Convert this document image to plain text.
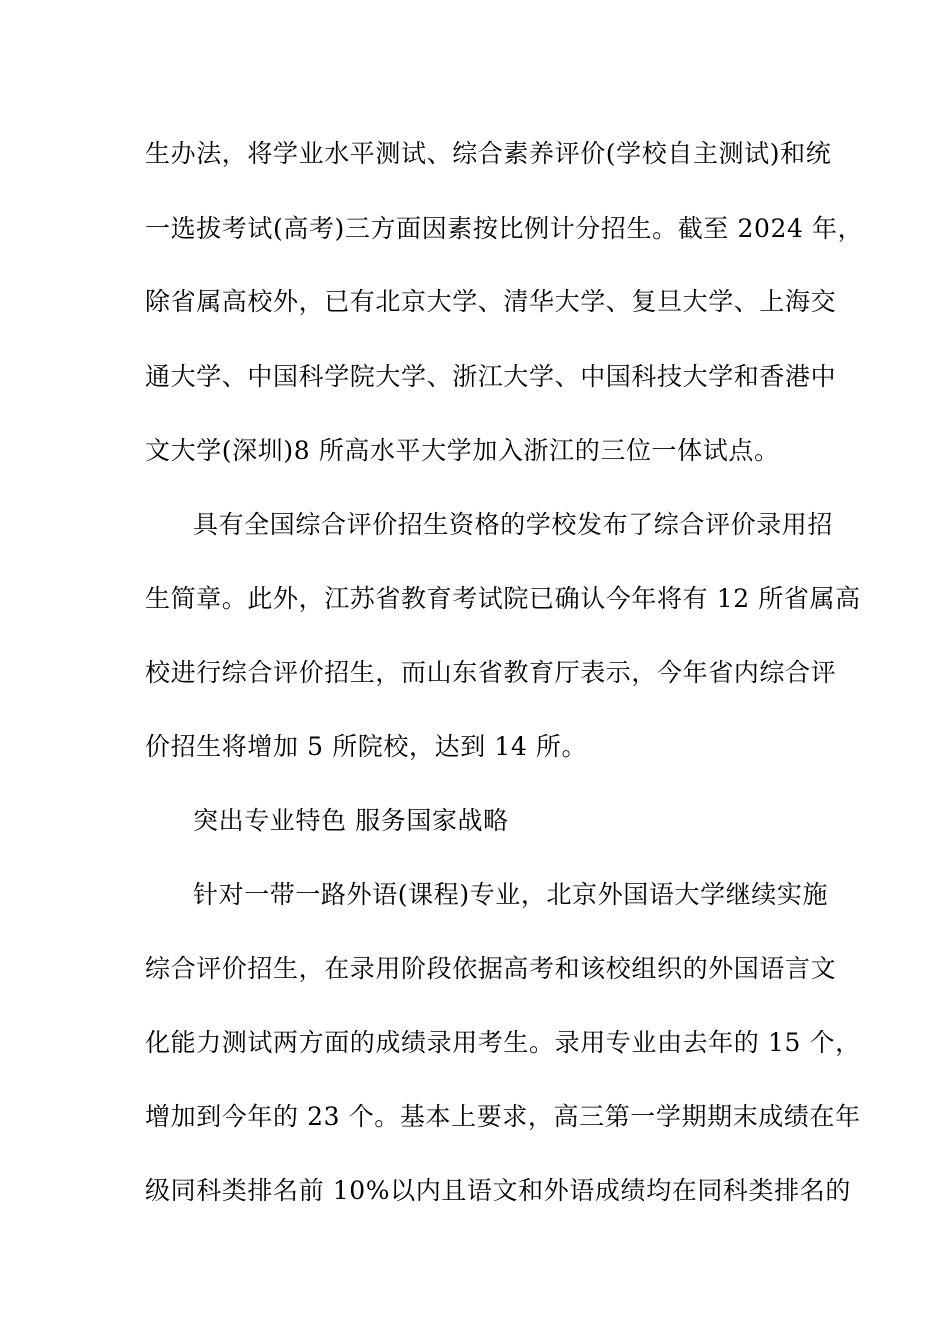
生办法，将学业水平测试、综合素养评价(学校自主测试)和统
一选拔考试(高考)三方面因素按比例计分招生。截至 2024 年，
除省属高校外，已有北京大学、清华大学、复旦大学、上海交
通大学、中国科学院大学、浙江大学、中国科技大学和香港中
文大学(深圳)8 所高水平大学加入浙江的三位一体试点。
具有全国综合评价招生资格的学校发布了综合评价录用招
生简章。此外，江苏省教育考试院已确认今年将有 12 所省属高
校进行综合评价招生，而山东省教育厅表示，今年省内综合评
价招生将增加 5 所院校，达到 14 所。
突出专业特色 服务国家战略
针对一带一路外语(课程)专业，北京外国语大学继续实施
综合评价招生，在录用阶段依据高考和该校组织的外国语言文
化能力测试两方面的成绩录用考生。录用专业由去年的 15 个，
增加到今年的 23 个。基本上要求，高三第一学期期末成绩在年
级同科类排名前 10%以内且语文和外语成绩均在同科类排名的
